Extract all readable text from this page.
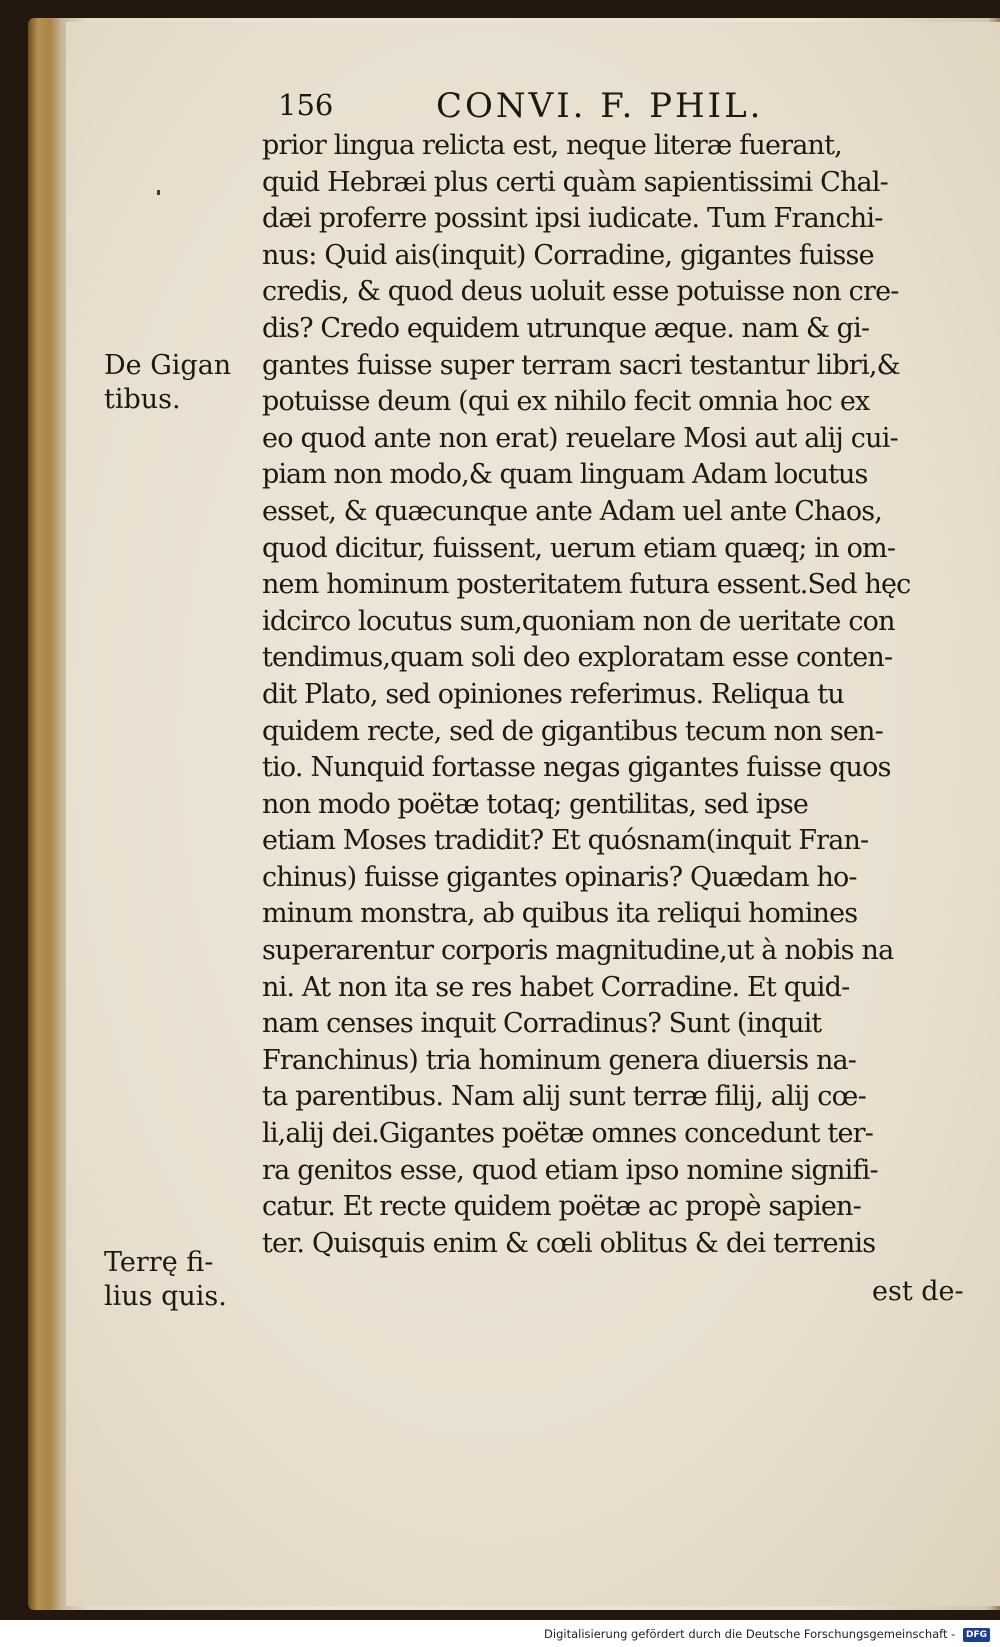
156	CONVI. F. PHIL.
De Gigan tibus.
Terrę fi- lius quis.
prior lingua relicta est, neque literæ fuerant,
quid Hebræi plus certi quàm sapientissimi Chal-
dæi proferre possint ipsi iudicate. Tum Franchi-
nus: Quid ais(inquit) Corradine, gigantes fuisse
credis, & quod deus uoluit esse potuisse non cre-
dis? Credo equidem utrunque æque. nam & gi-
gantes fuisse super terram sacri testantur libri,&
potuisse deum (qui ex nihilo fecit omnia hoc ex
eo quod ante non erat) reuelare Mosi aut alij cui-
piam non modo,& quam linguam Adam locutus
esset, & quæcunque ante Adam uel ante Chaos,
quod dicitur, fuissent, uerum etiam quæq; in om-
nem hominum posteritatem futura essent.Sed hęc
idcirco locutus sum,quoniam non de ueritate con
tendimus,quam soli deo exploratam esse conten-
dit Plato, sed opiniones referimus. Reliqua tu
quidem recte, sed de gigantibus tecum non sen-
tio. Nunquid fortasse negas gigantes fuisse quos
non modo poëtæ totaq; gentilitas, sed ipse
etiam Moses tradidit? Et quósnam(inquit Fran-
chinus) fuisse gigantes opinaris? Quædam ho-
minum monstra, ab quibus ita reliqui homines
superarentur corporis magnitudine,ut à nobis na
ni. At non ita se res habet Corradine. Et quid-
nam censes inquit Corradinus? Sunt (inquit
Franchinus) tria hominum genera diuersis na-
ta parentibus. Nam alij sunt terræ filij, alij cœ-
li,alij dei.Gigantes poëtæ omnes concedunt ter-
ra genitos esse, quod etiam ipso nomine signifi-
catur. Et recte quidem poëtæ ac propè sapien-
ter. Quisquis enim & cœli oblitus & dei terrenis
est de-
Digitalisierung gefördert durch die Deutsche Forschungsgemeinschaft - DFG
